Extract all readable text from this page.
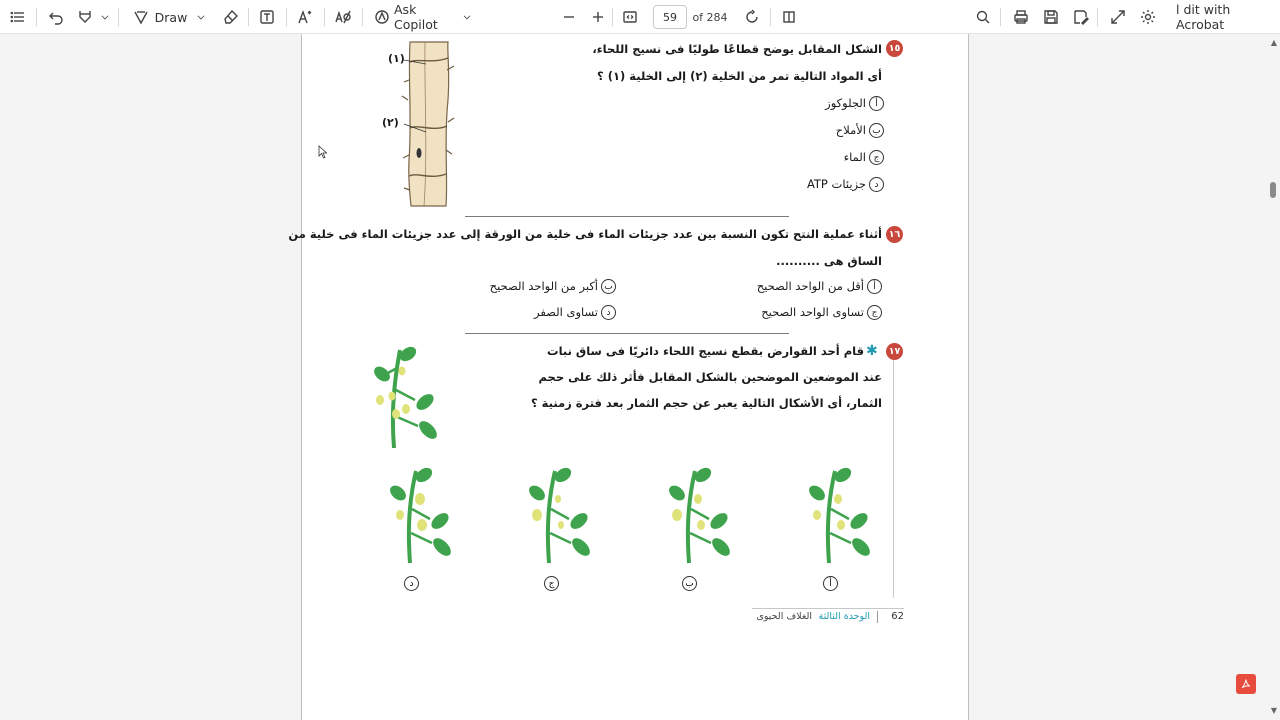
Draw	Ask Copilot	59 of 284	l dit with Acrobat
١٥
الشكل المقابل يوضح قطاعًا طوليًا فى نسيج اللحاء،
أى المواد التالية تمر من الخلية (٢) إلى الخلية (١) ؟
أالجلوكوز
بالأملاح
جالماء
دجزيئات ATP
(١)
(٢)
١٦
أثناء عملية النتح تكون النسبة بين عدد جزيئات الماء فى خلية من الورقة إلى عدد جزيئات الماء فى خلية من
الساق هى ..........
أأقل من الواحد الصحيح
بأكبر من الواحد الصحيح
جتساوى الواحد الصحيح
دتساوى الصفر
١٧
✱
قام أحد القوارض بقطع نسيج اللحاء دائريًا فى ساق نبات
عند الموضعين الموضحين بالشكل المقابل فأثر ذلك على حجم
الثمار، أى الأشكال التالية يعبر عن حجم الثمار بعد فترة زمنية ؟
د	ج	ب	أ
62
الوحدة الثالثة
الغلاف الحيوى
▲
▼
